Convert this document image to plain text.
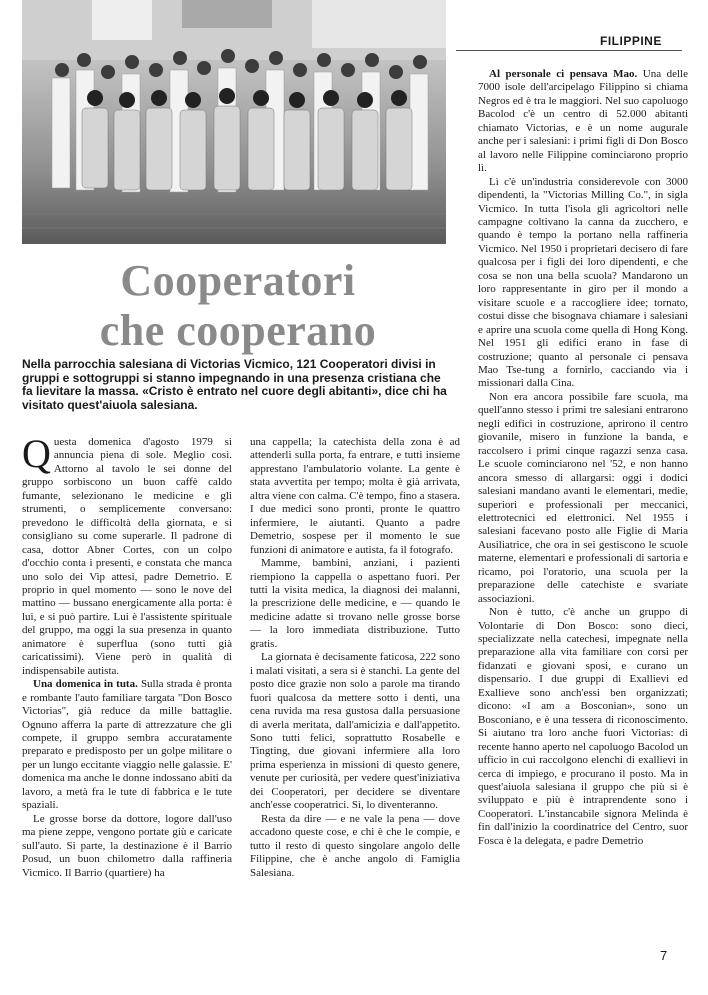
FILIPPINE
Cooperatori
che cooperano
Nella parrocchia salesiana di Victorias Vicmico, 121 Cooperatori divisi in gruppi e sottogruppi si stanno impegnando in una presenza cristiana che fa lievitare la massa. «Cristo è entrato nel cuore degli abitanti», dice chi ha visitato quest'aiuola salesiana.

Questa domenica d'agosto 1979 si annuncia piena di sole. Meglio così. Attorno al tavolo le sei donne del gruppo sorbiscono un buon caffè caldo fumante, selezionano le medicine e gli strumenti, o semplicemente conversano: prevedono le difficoltà della giornata, e si consigliano su come superarle. Il padrone di casa, dottor Abner Cortes, con un colpo d'occhio conta i presenti, e constata che manca uno solo dei Vip attesi, padre Demetrio. E proprio in quel momento — sono le nove del mattino — bussano energicamente alla porta: è lui, e si può partire. Lui è l'assistente spirituale del gruppo, ma oggi la sua presenza in quanto animatore è superflua (sono tutti già caricatissimi). Viene però in qualità di indispensabile autista.

Una domenica in tuta. Sulla strada è pronta e rombante l'auto familiare targata "Don Bosco Victorias", già reduce da mille battaglie. Ognuno afferra la parte di attrezzature che gli compete, il gruppo sembra accuratamente preparato e predisposto per un golpe militare o per un lungo eccitante viaggio nelle galassie. E' domenica ma anche le donne indossano abiti da lavoro, a metà fra le tute di fabbrica e le tute spaziali.

Le grosse borse da dottore, logore dall'uso ma piene zeppe, vengono portate giù e caricate sull'auto. Si parte, la destinazione è il Barrio Posud, un buon chilometro dalla raffineria Vicmico. Il Barrio (quartiere) ha

una cappella; la catechista della zona è ad attenderli sulla porta, fa entrare, e tutti insieme apprestano l'ambulatorio volante. La gente è stata avvertita per tempo; molta è già arrivata, altra viene con calma. C'è tempo, fino a stasera. I due medici sono pronti, pronte le quattro infermiere, le aiutanti. Quanto a padre Demetrio, sospese per il momento le sue funzioni di animatore e autista, fa il fotografo.

Mamme, bambini, anziani, i pazienti riempiono la cappella o aspettano fuori. Per tutti la visita medica, la diagnosi dei malanni, la prescrizione delle medicine, e — quando le medicine adatte si trovano nelle grosse borse — la loro immediata distribuzione. Tutto gratis.

La giornata è decisamente faticosa, 222 sono i malati visitati, a sera si è stanchi. La gente del posto dice grazie non solo a parole ma tirando fuori qualcosa da mettere sotto i denti, una cena ruvida ma resa gustosa dalla persuasione di averla meritata, dall'amicizia e dall'appetito. Sono tutti felici, soprattutto Rosabelle e Tingting, due giovani infermiere alla loro prima esperienza in missioni di questo genere, venute per curiosità, per vedere quest'iniziativa dei Cooperatori, per decidere se diventare anch'esse cooperatrici. Sì, lo diventeranno.

Resta da dire — e ne vale la pena — dove accadono queste cose, e chi è che le compie, e tutto il resto di questo singolare angolo delle Filippine, che è anche angolo di Famiglia Salesiana.

Al personale ci pensava Mao. Una delle 7000 isole dell'arcipelago Filippino si chiama Negros ed è tra le maggiori. Nel suo capoluogo Bacolod c'è un centro di 52.000 abitanti chiamato Victorias, e è un nome augurale anche per i salesiani: i primi figli di Don Bosco al lavoro nelle Filippine cominciarono proprio lì.

Lì c'è un'industria considerevole con 3000 dipendenti, la "Victorias Milling Co.", in sigla Vicmico. In tutta l'isola gli agricoltori nelle campagne coltivano la canna da zucchero, e quando è tempo la portano nella raffineria Vicmico. Nel 1950 i proprietari decisero di fare qualcosa per i figli dei loro dipendenti, e che cosa se non una bella scuola? Mandarono un loro rappresentante in giro per il mondo a visitare scuole e a raccogliere idee; tornato, costui disse che bisognava chiamare i salesiani e aprire una scuola come quella di Hong Kong. Nel 1951 gli edifici erano in fase di costruzione; quanto al personale ci pensava Mao Tse-tung a fornirlo, cacciando via i missionari dalla Cina.

Non era ancora possibile fare scuola, ma quell'anno stesso i primi tre salesiani entrarono negli edifici in costruzione, aprirono il centro giovanile, misero in funzione la banda, e raccolsero i primi cinque ragazzi senza casa. Le scuole cominciarono nel '52, e non hanno ancora smesso di allargarsi: oggi i dodici salesiani mandano avanti le elementari, medie, superiori e professionali per meccanici, elettrotecnici ed elettronici. Nel 1955 i salesiani facevano posto alle Figlie di Maria Ausiliatrice, che ora in sei gestiscono le scuole materne, elementari e professionali di sartoria e ricamo, poi l'oratorio, una scuola per la preparazione delle catechiste e svariate associazioni.

Non è tutto, c'è anche un gruppo di Volontarie di Don Bosco: sono dieci, specializzate nella catechesi, impegnate nella preparazione alla vita familiare con corsi per fidanzati e giovani sposi, e curano un dispensario. I due gruppi di Exallievi ed Exallieve sono anch'essi ben organizzati; dicono: «I am a Bosconian», sono un Bosconiano, e è una tessera di riconoscimento. Si aiutano tra loro anche fuori Victorias: di recente hanno aperto nel capoluogo Bacolod un ufficio in cui raccolgono elenchi di exallievi in cerca di impiego, e procurano il posto. Ma in quest'aiuola salesiana il gruppo che più si è sviluppato e più è intraprendente sono i Cooperatori. L'instancabile signora Melinda è fin dall'inizio la coordinatrice del Centro, suor Fosca è la delegata, e padre Demetrio

7
